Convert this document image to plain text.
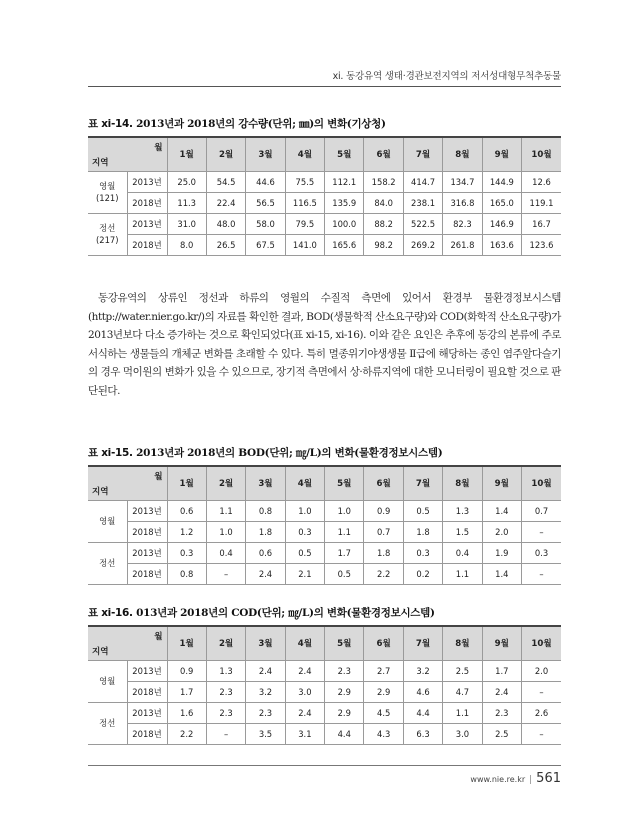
xi. 동강유역 생태·경관보전지역의 저서성대형무척추동물
표 xi-14. 2013년과 2018년의 강수량(단위; ㎜)의 변화(기상청)
월
지역		1월	2월	3월	4월	5월	6월	7월	8월	9월	10월

영월
(121)	2013년	25.0	54.5	44.6	75.5	112.1	158.2	414.7	134.7	144.9	12.6
	2018년	11.3	22.4	56.5	116.5	135.9	84.0	238.1	316.8	165.0	119.1

정선
(217)	2013년	31.0	48.0	58.0	79.5	100.0	88.2	522.5	82.3	146.9	16.7
	2018년	8.0	26.5	67.5	141.0	165.6	98.2	269.2	261.8	163.6	123.6

동강유역의 상류인 정선과 하류의 영월의 수질적 측면에 있어서 환경부 물환경정보시스템(http://water.nier.go.kr/)의 자료를 확인한 결과, BOD(생물학적 산소요구량)와 COD(화학적 산소요구량)가 2013년보다 다소 증가하는 것으로 확인되었다(표 xi-15, xi-16). 이와 같은 요인은 추후에 동강의 본류에 주로 서식하는 생물들의 개체군 변화를 초래할 수 있다. 특히 멸종위기야생생물 Ⅱ급에 해당하는 종인 염주알다슬기의 경우 먹이원의 변화가 있을 수 있으므로, 장기적 측면에서 상·하류지역에 대한 모니터링이 필요할 것으로 판단된다.

표 xi-15. 2013년과 2018년의 BOD(단위; ㎎/L)의 변화(물환경정보시스템)
월
지역		1월	2월	3월	4월	5월	6월	7월	8월	9월	10월

영월	2013년	0.6	1.1	0.8	1.0	1.0	0.9	0.5	1.3	1.4	0.7
	2018년	1.2	1.0	1.8	0.3	1.1	0.7	1.8	1.5	2.0	–

정선	2013년	0.3	0.4	0.6	0.5	1.7	1.8	0.3	0.4	1.9	0.3
	2018년	0.8	–	2.4	2.1	0.5	2.2	0.2	1.1	1.4	–
표 xi-16. 013년과 2018년의 COD(단위; ㎎/L)의 변화(물환경정보시스템)
월
지역		1월	2월	3월	4월	5월	6월	7월	8월	9월	10월

영월	2013년	0.9	1.3	2.4	2.4	2.3	2.7	3.2	2.5	1.7	2.0
	2018년	1.7	2.3	3.2	3.0	2.9	2.9	4.6	4.7	2.4	–

정선	2013년	1.6	2.3	2.3	2.4	2.9	4.5	4.4	1.1	2.3	2.6
	2018년	2.2	–	3.5	3.1	4.4	4.3	6.3	3.0	2.5	–
www.nie.re.kr | 561
